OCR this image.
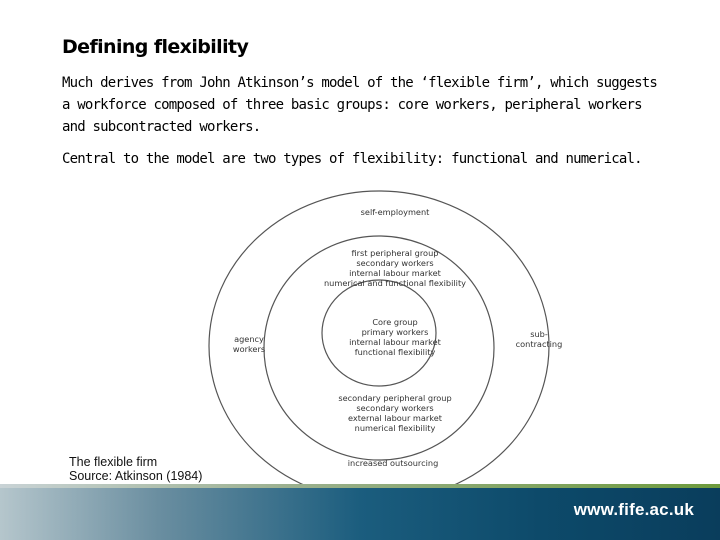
Defining flexibility
Much derives from John Atkinson’s model of the ‘flexible firm’, which suggests a workforce composed of three basic groups: core workers, peripheral workers and subcontracted workers.
Central to the model are two types of flexibility: functional and numerical.
self-employment
first peripheral group
secondary workers
internal labour market
numerical and functional flexibility
Core group
primary workers
internal labour market
functional flexibility
agency
workers
sub-
contracting
secondary peripheral group
secondary workers
external labour market
numerical flexibility
increased outsourcing
The flexible firm
Source: Atkinson (1984)
www.fife.ac.uk
